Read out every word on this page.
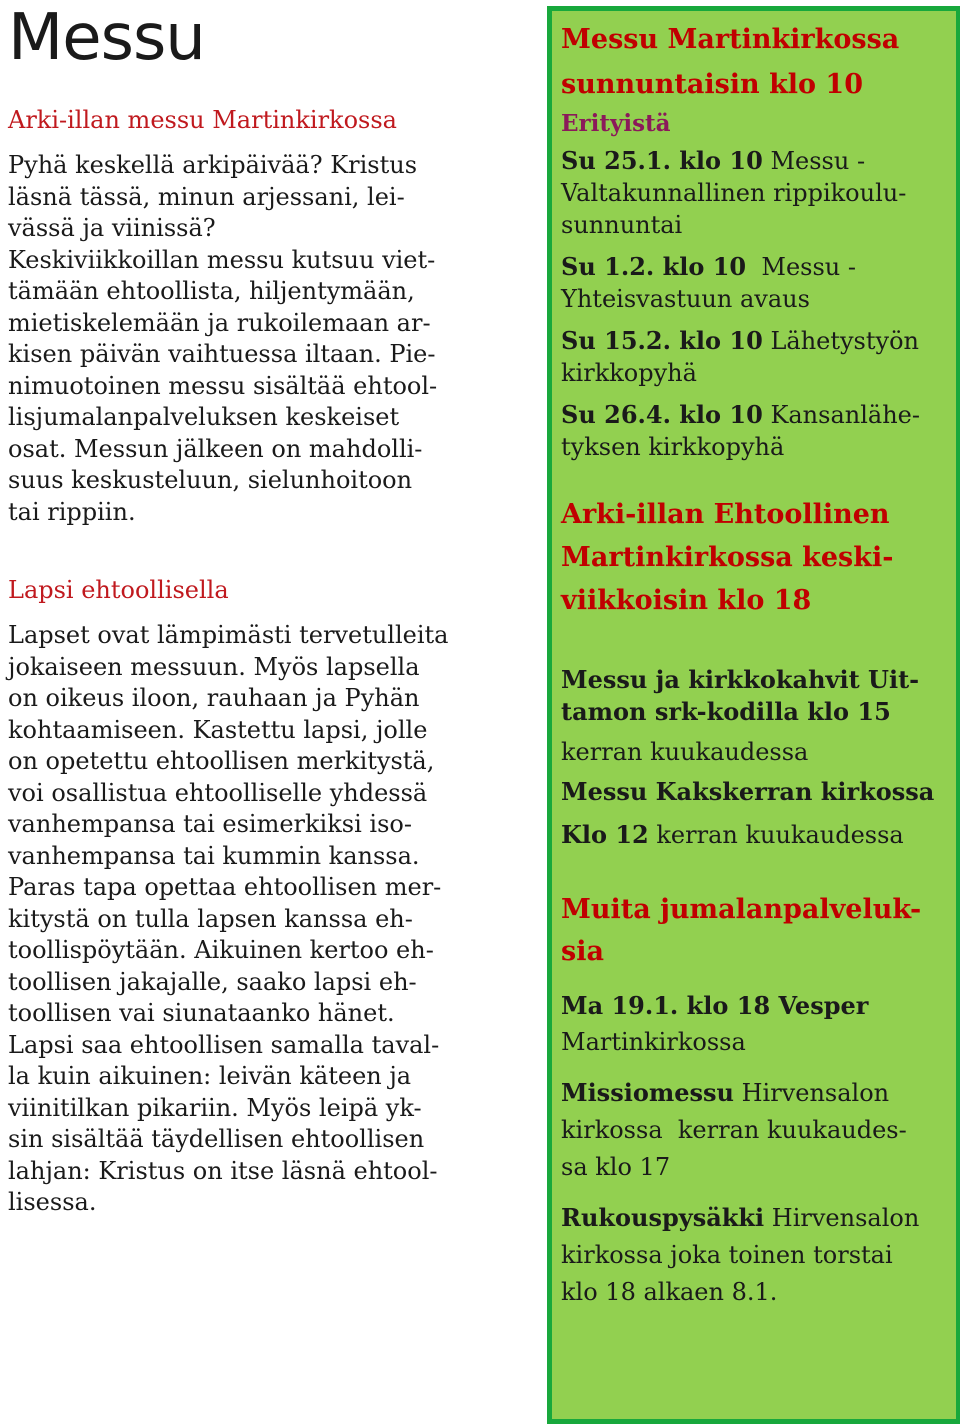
Messu
Arki-illan messu Martinkirkossa
Pyhä keskellä arkipäivää? Kristus
läsnä tässä, minun arjessani, lei-
vässä ja viinissä?
Keskiviikkoillan messu kutsuu viet-
tämään ehtoollista, hiljentymään,
mietiskelemään ja rukoilemaan ar-
kisen päivän vaihtuessa iltaan. Pie-
nimuotoinen messu sisältää ehtool-
lisjumalanpalveluksen keskeiset
osat. Messun jälkeen on mahdolli-
suus keskusteluun, sielunhoitoon
tai rippiin.
Lapsi ehtoollisella
Lapset ovat lämpimästi tervetulleita
jokaiseen messuun. Myös lapsella
on oikeus iloon, rauhaan ja Pyhän
kohtaamiseen. Kastettu lapsi, jolle
on opetettu ehtoollisen merkitystä,
voi osallistua ehtoolliselle yhdessä
vanhempansa tai esimerkiksi iso-
vanhempansa tai kummin kanssa.
Paras tapa opettaa ehtoollisen mer-
kitystä on tulla lapsen kanssa eh-
toollispöytään. Aikuinen kertoo eh-
toollisen jakajalle, saako lapsi eh-
toollisen vai siunataanko hänet.
Lapsi saa ehtoollisen samalla taval-
la kuin aikuinen: leivän käteen ja
viinitilkan pikariin. Myös leipä yk-
sin sisältää täydellisen ehtoollisen
lahjan: Kristus on itse läsnä ehtool-
lisessa.
Messu Martinkirkossa
sunnuntaisin klo 10
Erityistä
Su 25.1. klo 10 Messu -
Valtakunnallinen rippikoulu-
sunnuntai
Su 1.2. klo 10  Messu -
Yhteisvastuun avaus
Su 15.2. klo 10 Lähetystyön
kirkkopyhä
Su 26.4. klo 10 Kansanlähe-
tyksen kirkkopyhä
Arki-illan Ehtoollinen
Martinkirkossa keski-
viikkoisin klo 18
Messu ja kirkkokahvit Uit-
tamon srk-kodilla klo 15
kerran kuukaudessa
Messu Kakskerran kirkossa
Klo 12 kerran kuukaudessa
Muita jumalanpalveluk-
sia
Ma 19.1. klo 18 Vesper
Martinkirkossa
Missiomessu Hirvensalon
kirkossa  kerran kuukaudes-
sa klo 17
Rukouspysäkki Hirvensalon
kirkossa joka toinen torstai
klo 18 alkaen 8.1.
